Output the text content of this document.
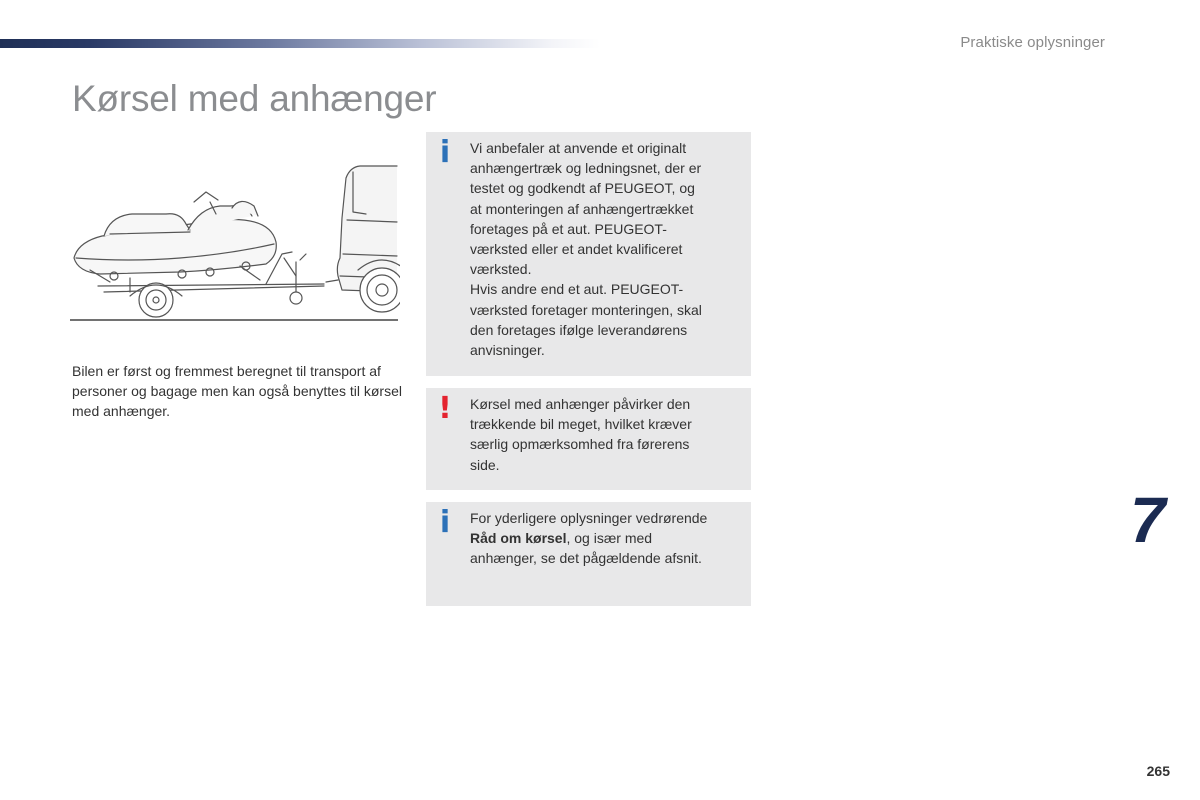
Praktiske oplysninger
Kørsel med anhænger

Bilen er først og fremmest beregnet til transport af personer og bagage men kan også benyttes til kørsel med anhænger.

i Vi anbefaler at anvende et originalt

anhængertræk og ledningsnet, der er

testet og godkendt af PEUGEOT, og

at monteringen af anhængertrækket

foretages på et aut. PEUGEOT-

værksted eller et andet kvalificeret

værksted.

Hvis andre end et aut. PEUGEOT-

værksted foretager monteringen, skal

den foretages ifølge leverandørens

anvisninger.

! Kørsel med anhænger påvirker den

trækkende bil meget, hvilket kræver

særlig opmærksomhed fra førerens

side.

i For yderligere oplysninger vedrørende

Råd om kørsel, og især med

anhænger, se det pågældende afsnit.

7
265
